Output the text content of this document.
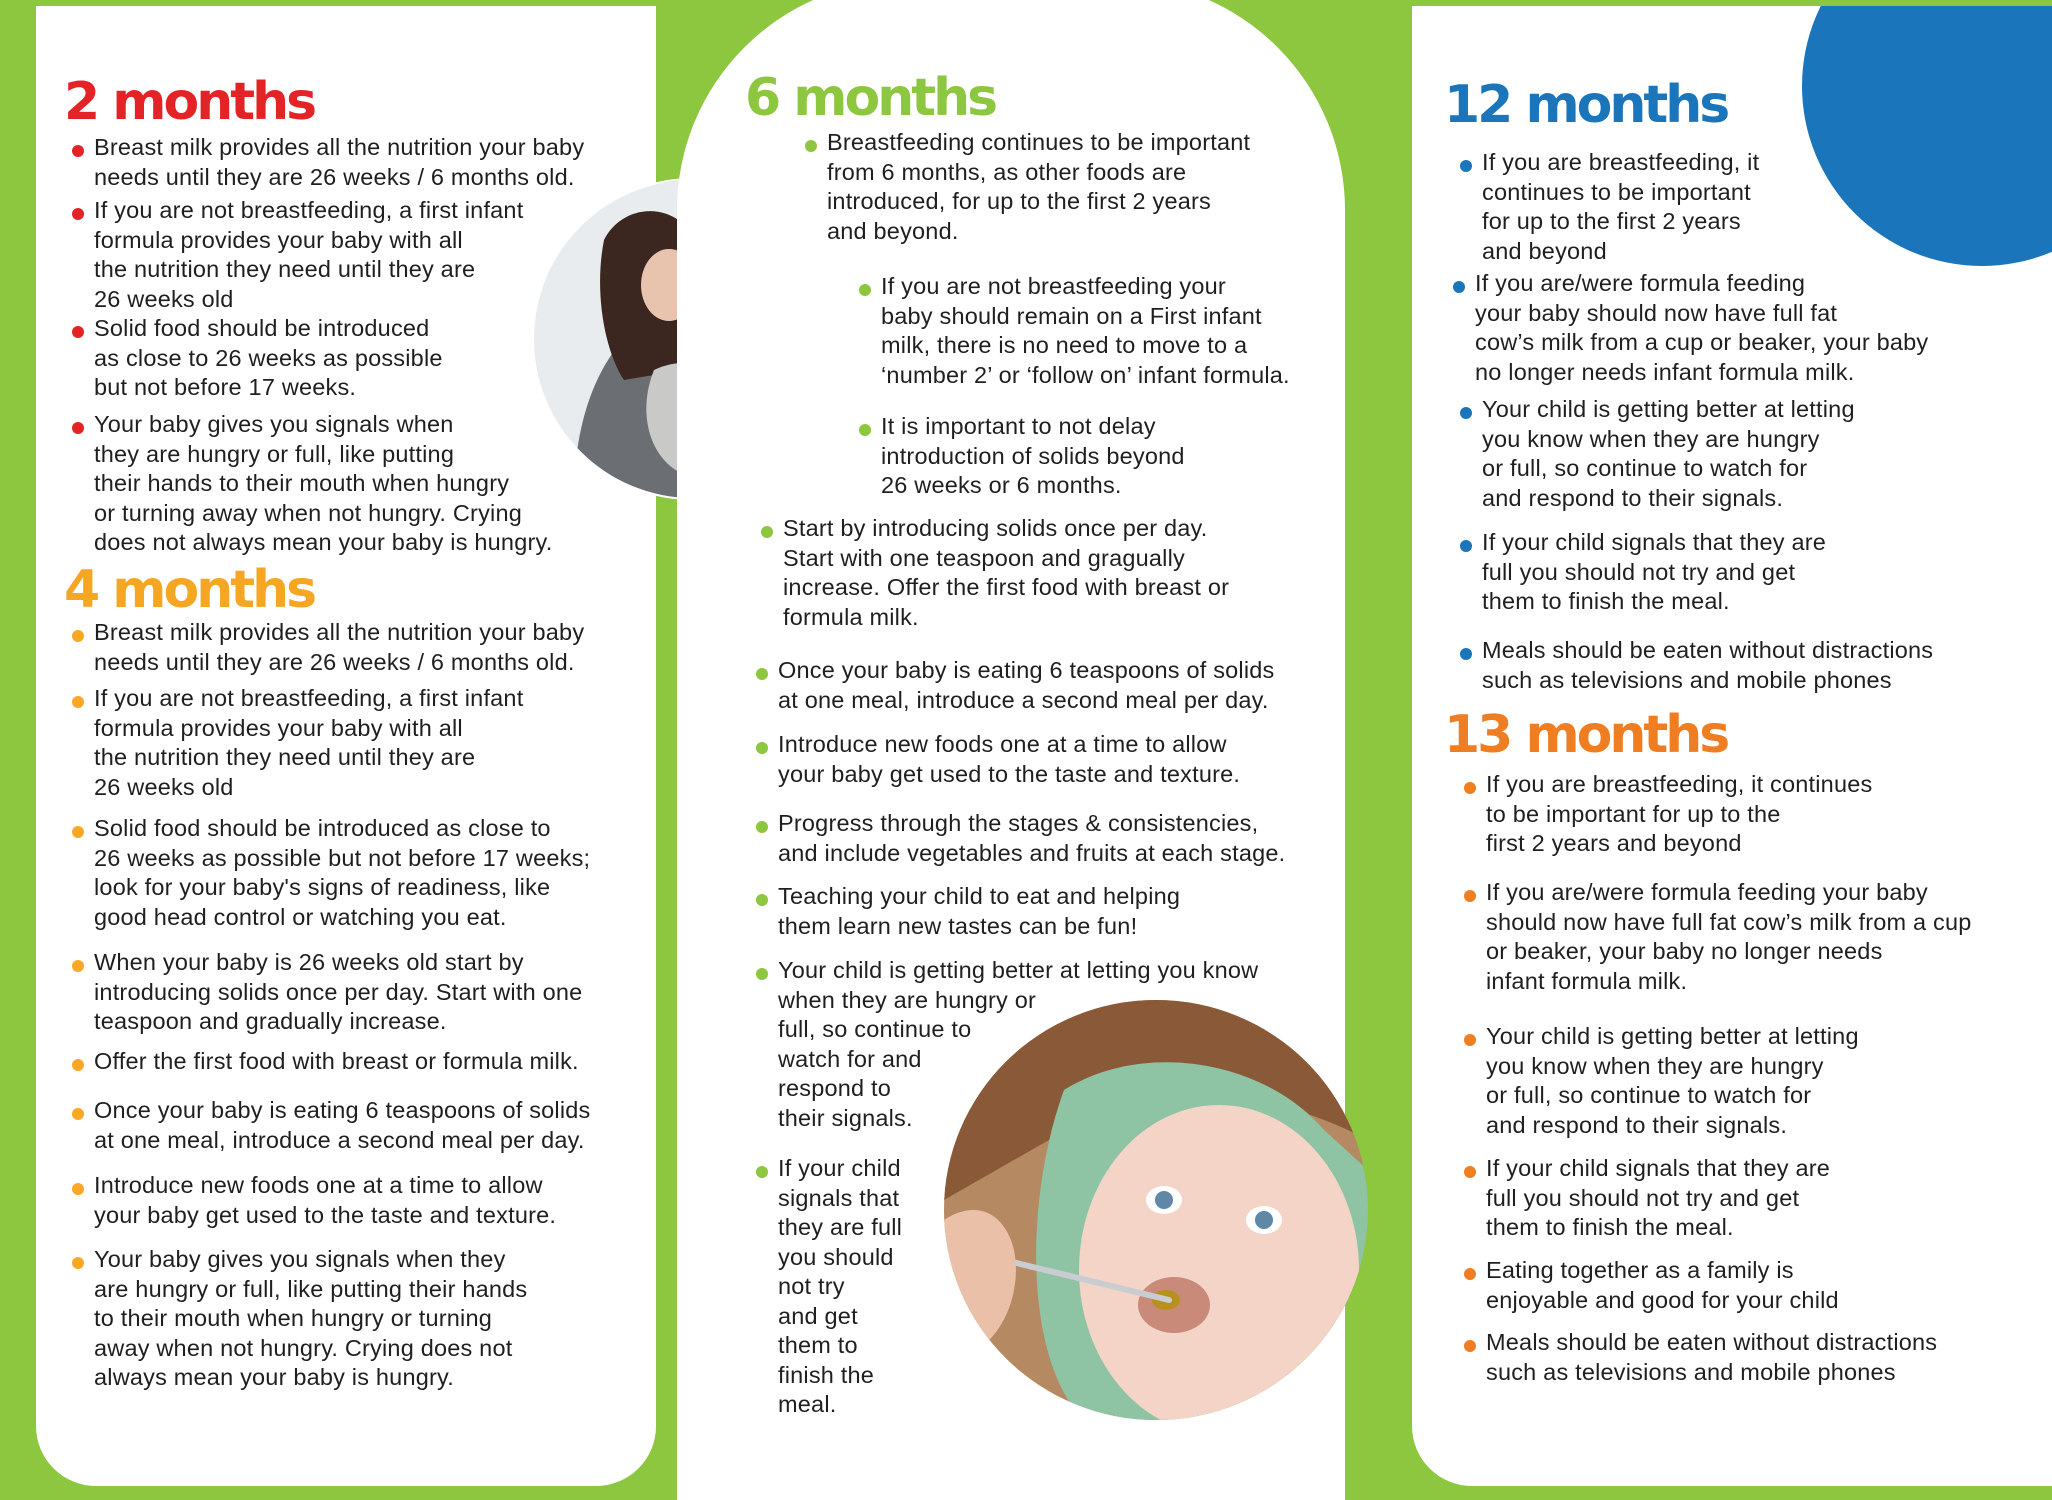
2 months
Breast milk provides all the nutrition your baby
needs until they are 26 weeks / 6 months old.
If you are not breastfeeding, a first infant
formula provides your baby with all
the nutrition they need until they are
26 weeks old
Solid food should be introduced
as close to 26 weeks as possible
but not before 17 weeks.
Your baby gives you signals when
they are hungry or full, like putting
their hands to their mouth when hungry
or turning away when not hungry. Crying
does not always mean your baby is hungry.
4 months
Breast milk provides all the nutrition your baby
needs until they are 26 weeks / 6 months old.
If you are not breastfeeding, a first infant
formula provides your baby with all
the nutrition they need until they are
26 weeks old
Solid food should be introduced as close to
26 weeks as possible but not before 17 weeks;
look for your baby's signs of readiness, like
good head control or watching you eat.
When your baby is 26 weeks old start by
introducing solids once per day. Start with one
teaspoon and gradually increase.
Offer the first food with breast or formula milk.
Once your baby is eating 6 teaspoons of solids
at one meal, introduce a second meal per day.
Introduce new foods one at a time to allow
your baby get used to the taste and texture.
Your baby gives you signals when they
are hungry or full, like putting their hands
to their mouth when hungry or turning
away when not hungry. Crying does not
always mean your baby is hungry.
6 months
Breastfeeding continues to be important
from 6 months, as other foods are
introduced, for up to the first 2 years
and beyond.
If you are not breastfeeding your
baby should remain on a First infant
milk, there is no need to move to a
‘number 2’ or ‘follow on’ infant formula.
It is important to not delay
introduction of solids beyond
26 weeks or 6 months.
Start by introducing solids once per day.
Start with one teaspoon and gragually
increase. Offer the first food with breast or
formula milk.
Once your baby is eating 6 teaspoons of solids
at one meal, introduce a second meal per day.
Introduce new foods one at a time to allow
your baby get used to the taste and texture.
Progress through the stages & consistencies,
and include vegetables and fruits at each stage.
Teaching your child to eat and helping
them learn new tastes can be fun!
Your child is getting better at letting you know
when they are hungry or
full, so continue to
watch for and
respond to
their signals.
If your child
signals that
they are full
you should
not try
and get
them to
finish the
meal.
12 months
If you are breastfeeding, it
continues to be important
for up to the first 2 years
and beyond
If you are/were formula feeding
your baby should now have full fat
cow’s milk from a cup or beaker, your baby
no longer needs infant formula milk.
Your child is getting better at letting
you know when they are hungry
or full, so continue to watch for
and respond to their signals.
If your child signals that they are
full you should not try and get
them to finish the meal.
Meals should be eaten without distractions
such as televisions and mobile phones
13 months
If you are breastfeeding, it continues
to be important for up to the
first 2 years and beyond
If you are/were formula feeding your baby
should now have full fat cow’s milk from a cup
or beaker, your baby no longer needs
infant formula milk.
Your child is getting better at letting
you know when they are hungry
or full, so continue to watch for
and respond to their signals.
If your child signals that they are
full you should not try and get
them to finish the meal.
Eating together as a family is
enjoyable and good for your child
Meals should be eaten without distractions
such as televisions and mobile phones
